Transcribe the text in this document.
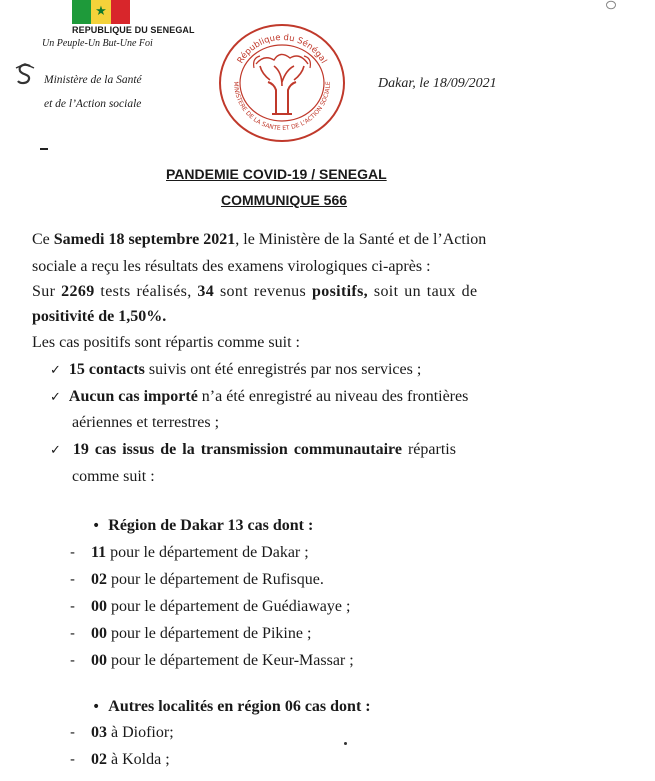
★
REPUBLIQUE DU SENEGAL
Un Peuple-Un But-Une Foi
Ministère de la Santé
et de l’Action sociale
République du Sénégal
MINISTERE DE LA SANTE ET DE L'ACTION SOCIALE	Dakar, le 18/09/2021
PANDEMIE COVID-19 / SENEGAL
COMMUNIQUE 566
Ce Samedi 18 septembre 2021, le Ministère de la Santé et de l’Action
sociale a reçu les résultats des examens virologiques ci-après :
Sur 2269 tests réalisés, 34 sont revenus positifs, soit un taux de
positivité de 1,50%.
Les cas positifs sont répartis comme suit :
✓ 15 contacts suivis ont été enregistrés par nos services ;
✓ Aucun cas importé n’a été enregistré au niveau des frontières
aériennes et terrestres ;
✓ 19 cas issus de la transmission communautaire répartis
comme suit :
• Région de Dakar 13 cas dont :
- 11 pour le département de Dakar ;
- 02 pour le département de Rufisque.
- 00 pour le département de Guédiawaye ;
- 00 pour le département de Pikine ;
- 00 pour le département de Keur-Massar ;
• Autres localités en région 06 cas dont :
- 03 à Diofior;
- 02 à Kolda ;
